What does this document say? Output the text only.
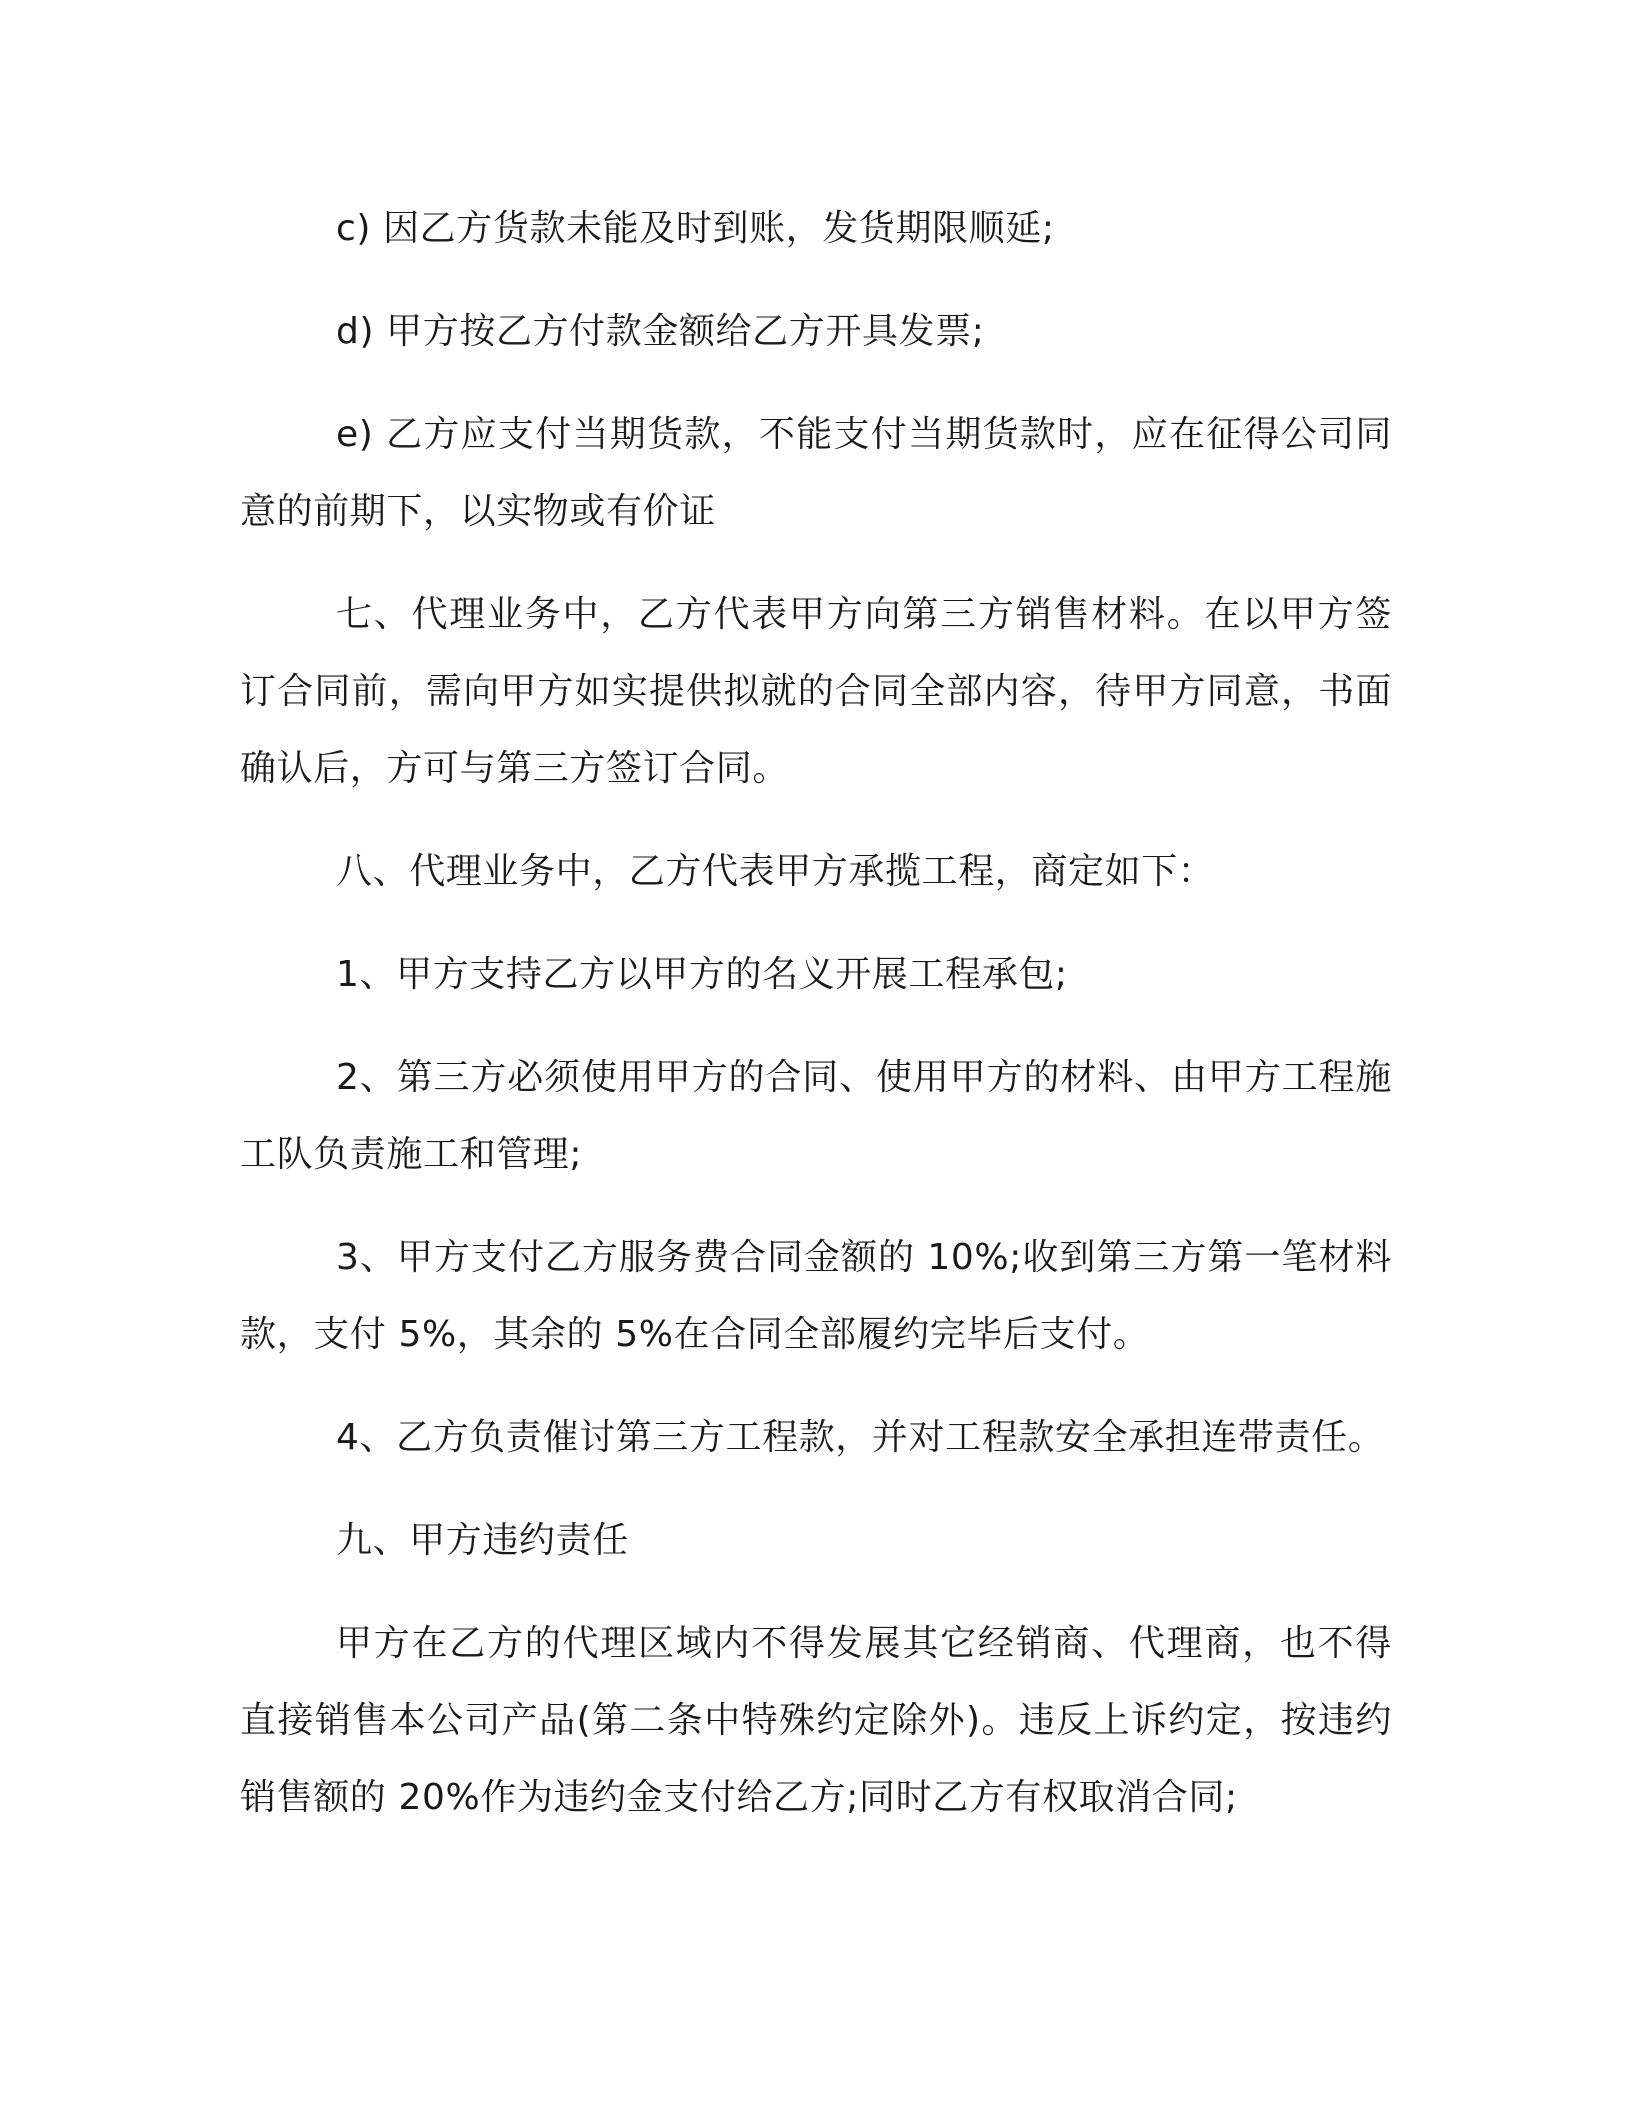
c) 因乙方货款未能及时到账，发货期限顺延;

d) 甲方按乙方付款金额给乙方开具发票;

e) 乙方应支付当期货款，不能支付当期货款时，应在征得公司同意的前期下，以实物或有价证

七、代理业务中，乙方代表甲方向第三方销售材料。在以甲方签订合同前，需向甲方如实提供拟就的合同全部内容，待甲方同意，书面确认后，方可与第三方签订合同。

八、代理业务中，乙方代表甲方承揽工程，商定如下：

1、甲方支持乙方以甲方的名义开展工程承包;

2、第三方必须使用甲方的合同、使用甲方的材料、由甲方工程施工队负责施工和管理;

3、甲方支付乙方服务费合同金额的 10%;收到第三方第一笔材料款，支付 5%，其余的 5%在合同全部履约完毕后支付。

4、乙方负责催讨第三方工程款，并对工程款安全承担连带责任。

九、甲方违约责任

甲方在乙方的代理区域内不得发展其它经销商、代理商，也不得直接销售本公司产品(第二条中特殊约定除外)。违反上诉约定，按违约销售额的 20%作为违约金支付给乙方;同时乙方有权取消合同;
